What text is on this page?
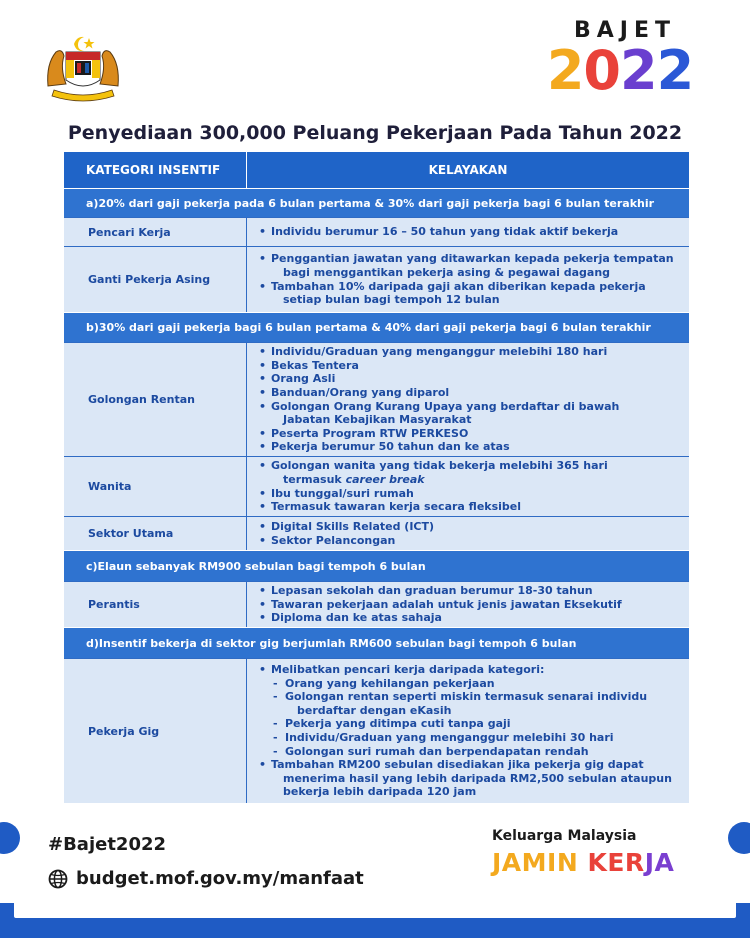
BAJET
2022
Penyediaan 300,000 Peluang Pekerjaan Pada Tahun 2022
KATEGORI INSENTIF	KELAYAKAN
a)20% dari gaji pekerja pada 6 bulan pertama & 30% dari gaji pekerja bagi 6 bulan terakhir
Pencari Kerja	• Individu berumur 16 – 50 tahun yang tidak aktif bekerja
Ganti Pekerja Asing
• Penggantian jawatan yang ditawarkan kepada pekerja tempatan
bagi menggantikan pekerja asing & pegawai dagang
• Tambahan 10% daripada gaji akan diberikan kepada pekerja
setiap bulan bagi tempoh 12 bulan
b)30% dari gaji pekerja bagi 6 bulan pertama & 40% dari gaji pekerja bagi 6 bulan terakhir
Golongan Rentan
• Individu/Graduan yang menganggur melebihi 180 hari
• Bekas Tentera
• Orang Asli
• Banduan/Orang yang diparol
• Golongan Orang Kurang Upaya yang berdaftar di bawah
Jabatan Kebajikan Masyarakat
• Peserta Program RTW PERKESO
• Pekerja berumur 50 tahun dan ke atas
Wanita
• Golongan wanita yang tidak bekerja melebihi 365 hari
termasuk career break
• Ibu tunggal/suri rumah
• Termasuk tawaran kerja secara fleksibel
Sektor Utama
• Digital Skills Related (ICT)
• Sektor Pelancongan
c)Elaun sebanyak RM900 sebulan bagi tempoh 6 bulan
Perantis
• Lepasan sekolah dan graduan berumur 18-30 tahun
• Tawaran pekerjaan adalah untuk jenis jawatan Eksekutif
• Diploma dan ke atas sahaja
d)Insentif bekerja di sektor gig berjumlah RM600 sebulan bagi tempoh 6 bulan
Pekerja Gig
• Melibatkan pencari kerja daripada kategori:
- Orang yang kehilangan pekerjaan
- Golongan rentan seperti miskin termasuk senarai individu
berdaftar dengan eKasih
- Pekerja yang ditimpa cuti tanpa gaji
- Individu/Graduan yang menganggur melebihi 30 hari
- Golongan suri rumah dan berpendapatan rendah
• Tambahan RM200 sebulan disediakan jika pekerja gig dapat
menerima hasil yang lebih daripada RM2,500 sebulan ataupun
bekerja lebih daripada 120 jam
#Bajet2022
budget.mof.gov.my/manfaat
Keluarga Malaysia
JAMIN KERJA
